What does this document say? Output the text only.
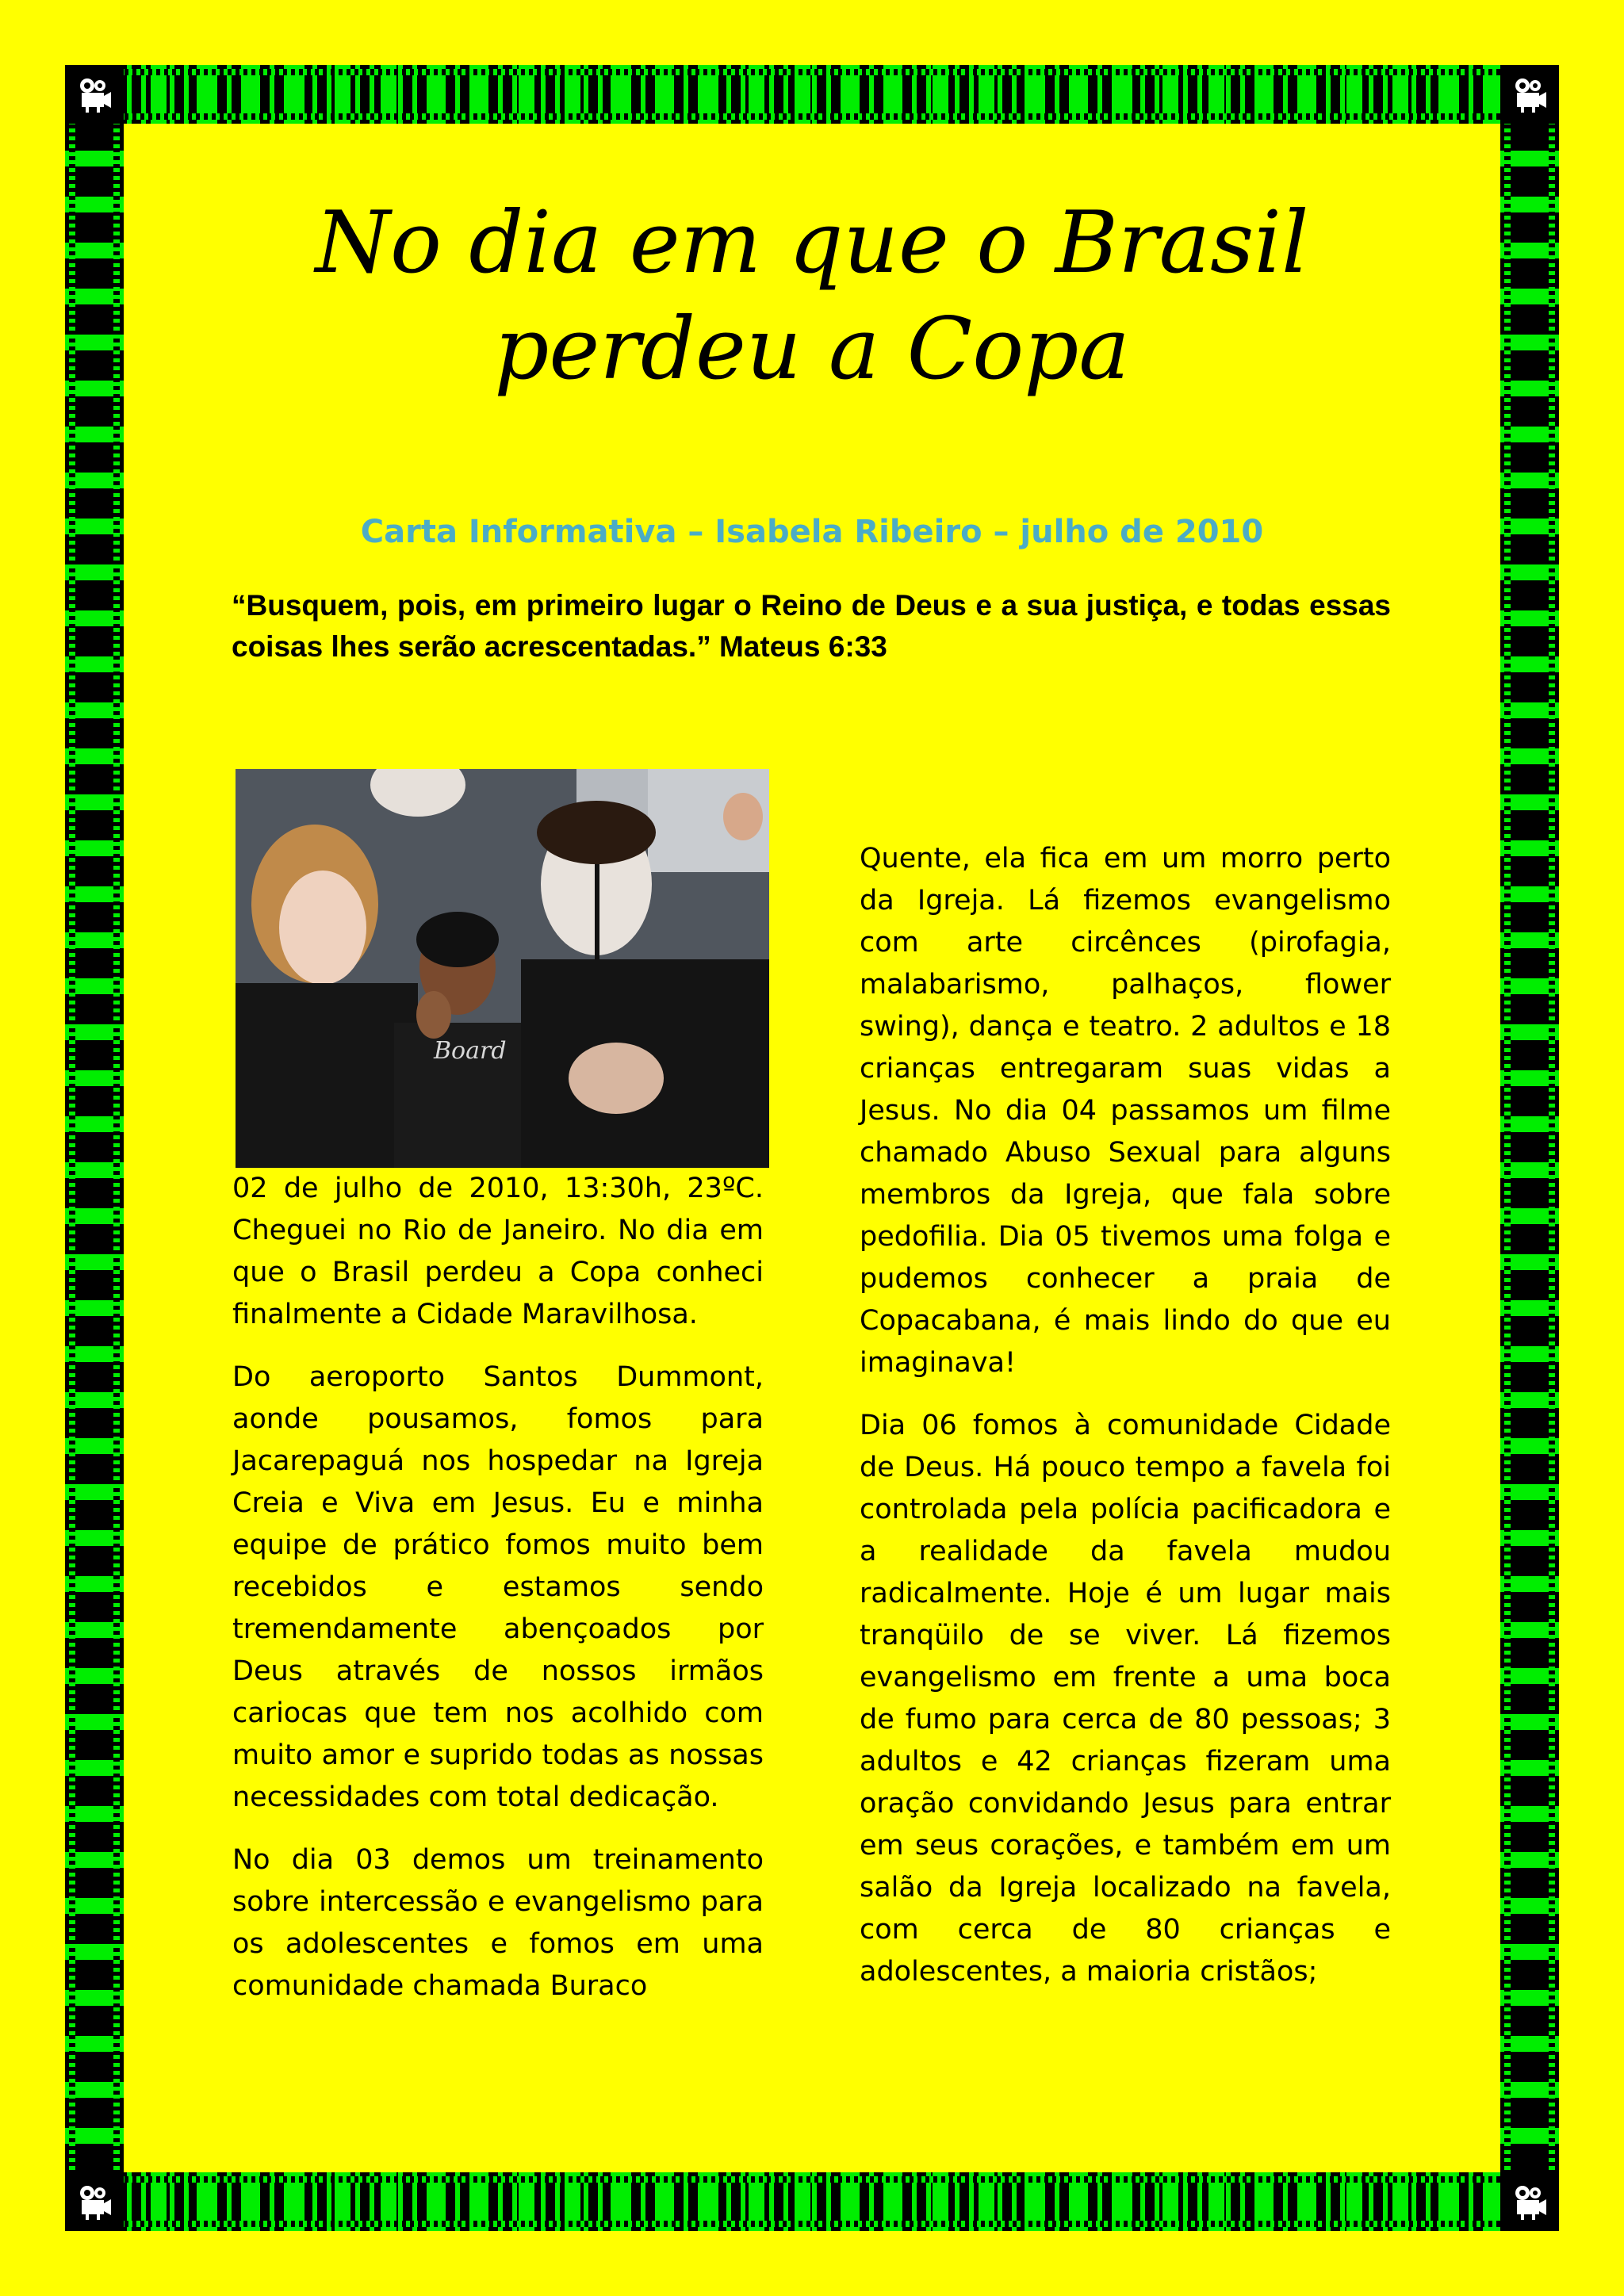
No dia em que o Brasil
perdeu a Copa

Carta Informativa – Isabela Ribeiro – julho de 2010

“Busquem, pois, em primeiro lugar o Reino de Deus e a sua justiça, e todas essas coisas lhes serão acrescentadas.” Mateus 6:33

Board

02 de julho de 2010, 13:30h, 23ºC. Cheguei no Rio de Janeiro. No dia em que o Brasil perdeu a Copa conheci finalmente a Cidade Maravilhosa.

Do aeroporto Santos Dummont, aonde pousamos, fomos para Jacarepaguá nos hospedar na Igreja Creia e Viva em Jesus. Eu e minha equipe de prático fomos muito bem recebidos e estamos sendo tremendamente abençoados por Deus através de nossos irmãos cariocas que tem nos acolhido com muito amor e suprido todas as nossas necessidades com total dedicação.

No dia 03 demos um treinamento sobre intercessão e evangelismo para os adolescentes e fomos em uma comunidade chamada Buraco

Quente, ela fica em um morro perto da Igreja. Lá fizemos evangelismo com arte circênces (pirofagia, malabarismo, palhaços, flower swing), dança e teatro. 2 adultos e 18 crianças entregaram suas vidas a Jesus. No dia 04 passamos um filme chamado Abuso Sexual para alguns membros da Igreja, que fala sobre pedofilia. Dia 05 tivemos uma folga e pudemos conhecer a praia de Copacabana, é mais lindo do que eu imaginava!

Dia 06 fomos à comunidade Cidade de Deus. Há pouco tempo a favela foi controlada pela polícia pacificadora e a realidade da favela mudou radicalmente. Hoje é um lugar mais tranqüilo de se viver. Lá fizemos evangelismo em frente a uma boca de fumo para cerca de 80 pessoas; 3 adultos e 42 crianças fizeram uma oração convidando Jesus para entrar em seus corações, e também em um salão da Igreja localizado na favela, com cerca de 80 crianças e adolescentes, a maioria cristãos;
